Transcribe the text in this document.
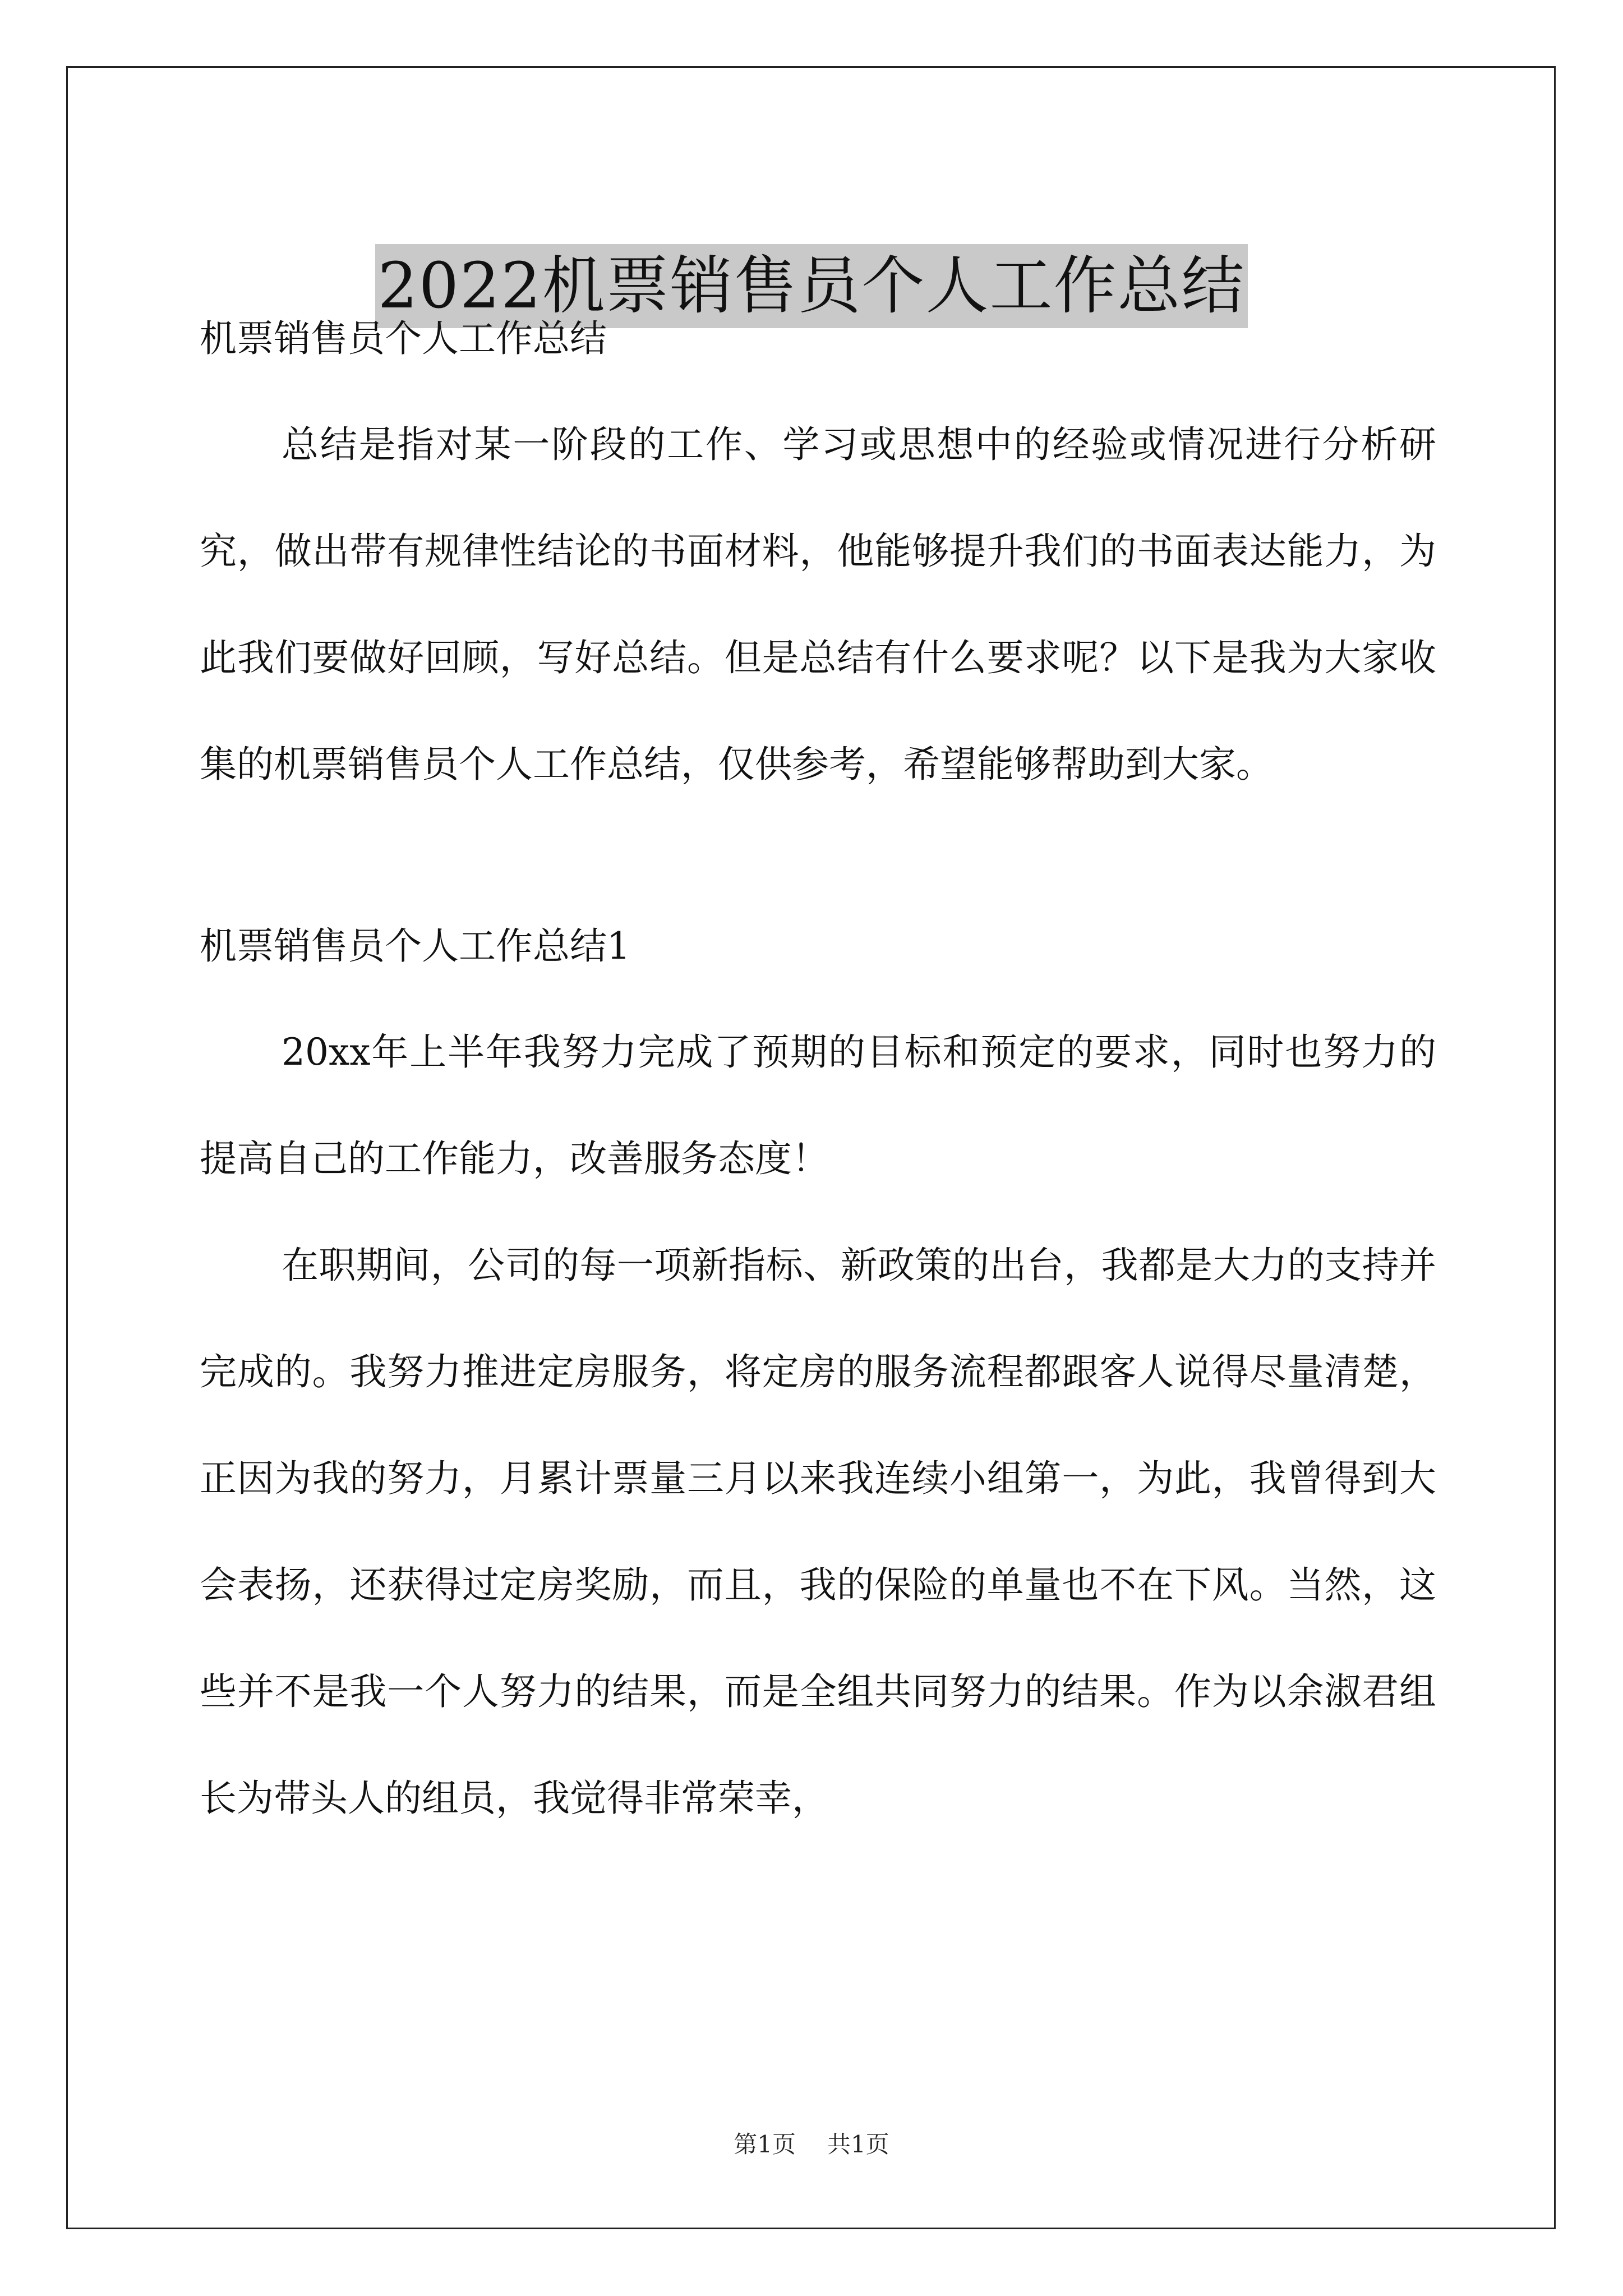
2022机票销售员个人工作总结

机票销售员个人工作总结

总结是指对某一阶段的工作、学习或思想中的经验或情况进行分析研究，做出带有规律性结论的书面材料，他能够提升我们的书面表达能力，为此我们要做好回顾，写好总结。但是总结有什么要求呢？以下是我为大家收集的机票销售员个人工作总结，仅供参考，希望能够帮助到大家。

机票销售员个人工作总结1

20xx年上半年我努力完成了预期的目标和预定的要求，同时也努力的提高自己的工作能力，改善服务态度！

在职期间，公司的每一项新指标、新政策的出台，我都是大力的支持并完成的。我努力推进定房服务，将定房的服务流程都跟客人说得尽量清楚，正因为我的努力，月累计票量三月以来我连续小组第一，为此，我曾得到大会表扬，还获得过定房奖励，而且，我的保险的单量也不在下风。当然，这些并不是我一个人努力的结果，而是全组共同努力的结果。作为以余淑君组长为带头人的组员，我觉得非常荣幸，

第1页 共1页
